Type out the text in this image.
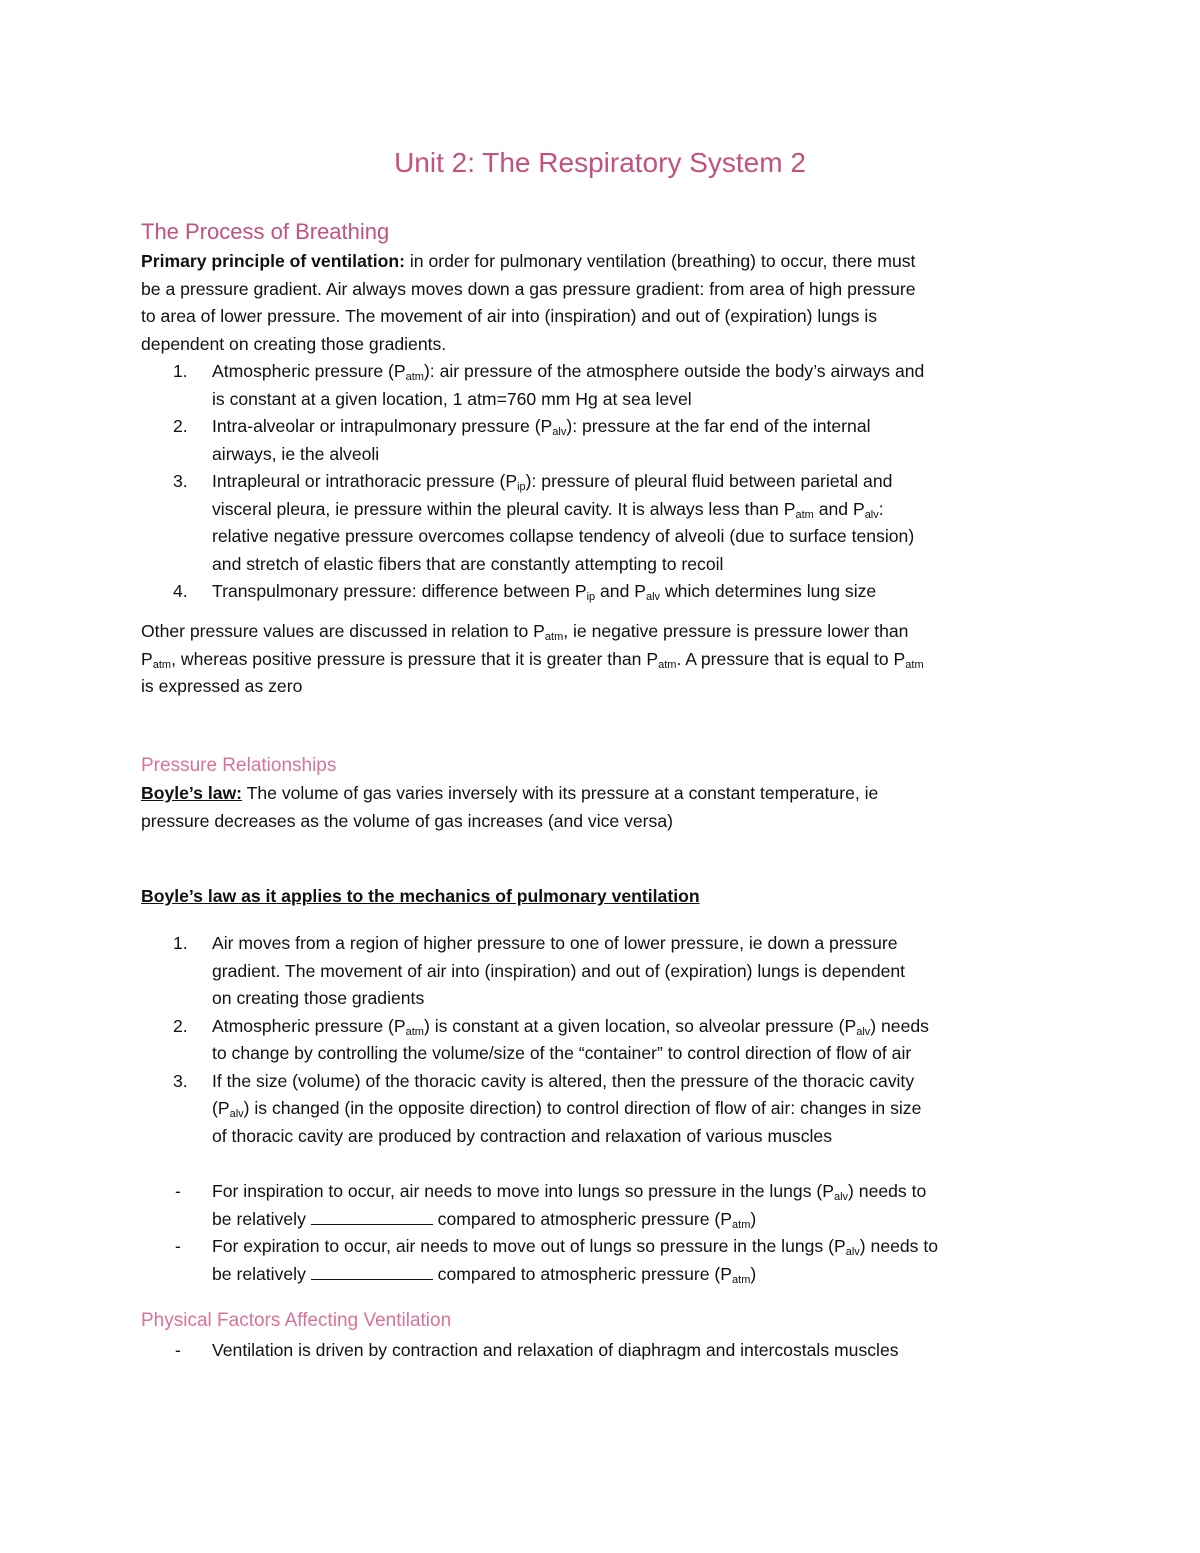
Unit 2: The Respiratory System 2
The Process of Breathing
Primary principle of ventilation: in order for pulmonary ventilation (breathing) to occur, there must
be a pressure gradient. Air always moves down a gas pressure gradient: from area of high pressure
to area of lower pressure. The movement of air into (inspiration) and out of (expiration) lungs is
dependent on creating those gradients.
1. Atmospheric pressure $(P_{atm})$: air pressure of the atmosphere outside the body’s airways and
is constant at a given location, 1 atm=760 mm Hg at sea level
2. Intra-alveolar or intrapulmonary pressure $(P_{alv})$: pressure at the far end of the internal
airways, ie the alveoli
3. Intrapleural or intrathoracic pressure $(P_{ip})$: pressure of pleural fluid between parietal and
visceral pleura, ie pressure within the pleural cavity. It is always less than $P_{atm}$ and $P_{alv}$:
relative negative pressure overcomes collapse tendency of alveoli (due to surface tension)
and stretch of elastic fibers that are constantly attempting to recoil
4. Transpulmonary pressure: difference between $P_{ip}$ and $P_{alv}$ which determines lung size
Other pressure values are discussed in relation to $P_{atm}$, ie negative pressure is pressure lower than
$P_{atm}$, whereas positive pressure is pressure that it is greater than $P_{atm}$. A pressure that is equal to $P_{atm}$
is expressed as zero
Pressure Relationships
Boyle’s law: The volume of gas varies inversely with its pressure at a constant temperature, ie
pressure decreases as the volume of gas increases (and vice versa)
Boyle’s law as it applies to the mechanics of pulmonary ventilation
1. Air moves from a region of higher pressure to one of lower pressure, ie down a pressure
gradient. The movement of air into (inspiration) and out of (expiration) lungs is dependent
on creating those gradients
2. Atmospheric pressure $(P_{atm})$ is constant at a given location, so alveolar pressure $(P_{alv})$ needs
to change by controlling the volume/size of the “container” to control direction of flow of air
3. If the size (volume) of the thoracic cavity is altered, then the pressure of the thoracic cavity
$(P_{alv})$ is changed (in the opposite direction) to control direction of flow of air: changes in size
of thoracic cavity are produced by contraction and relaxation of various muscles
- For inspiration to occur, air needs to move into lungs so pressure in the lungs $(P_{alv})$ needs to
be relatively	compared to atmospheric pressure $(P_{atm})$
- For expiration to occur, air needs to move out of lungs so pressure in the lungs $(P_{alv})$ needs to
be relatively	compared to atmospheric pressure $(P_{atm})$
Physical Factors Affecting Ventilation
- Ventilation is driven by contraction and relaxation of diaphragm and intercostals muscles
